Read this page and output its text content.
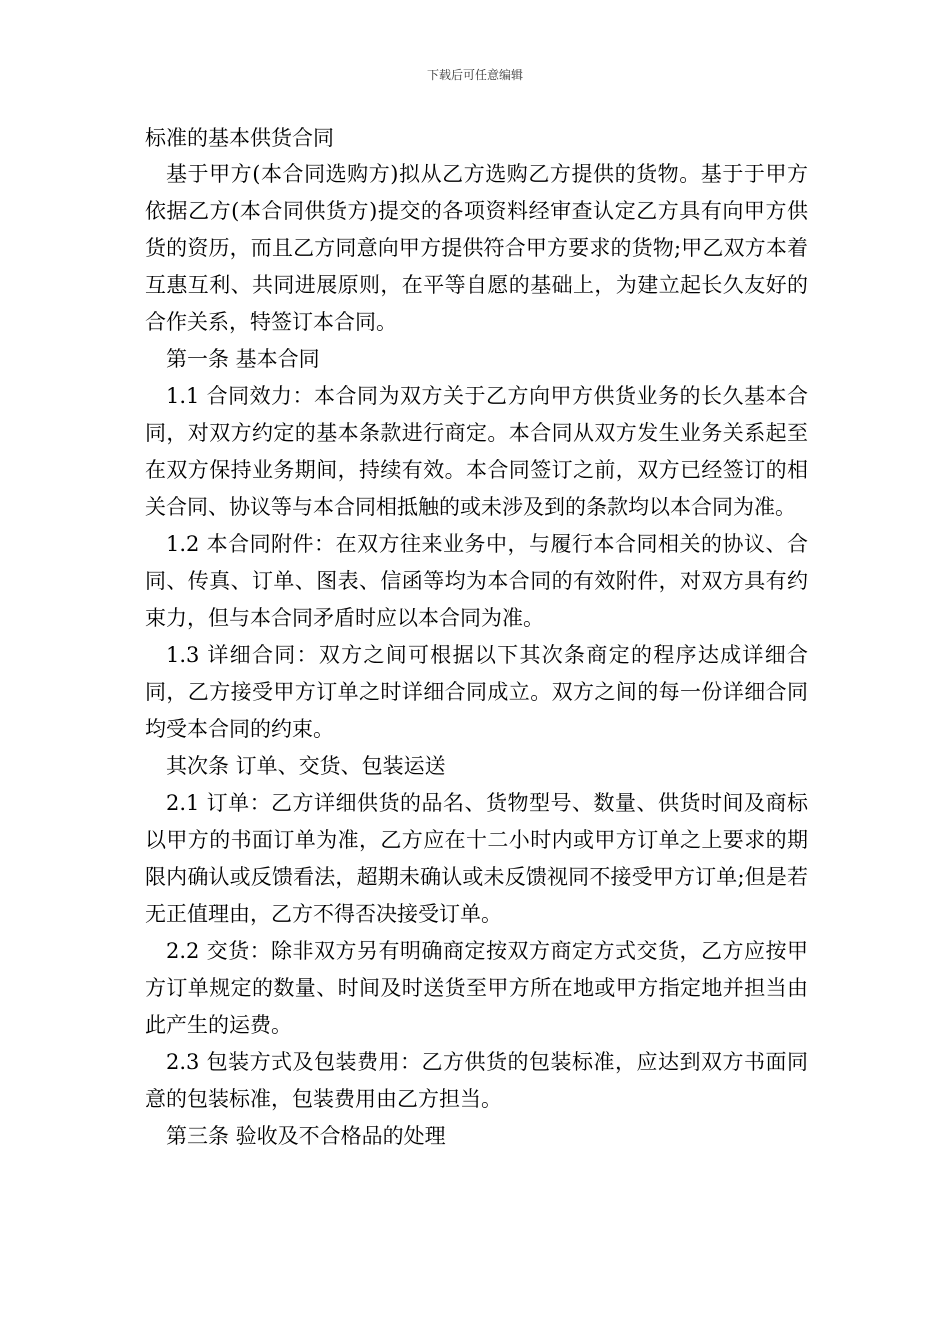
下载后可任意编辑

标准的基本供货合同

基于甲方(本合同选购方)拟从乙方选购乙方提供的货物。基于于甲方依据乙方(本合同供货方)提交的各项资料经审查认定乙方具有向甲方供货的资历，而且乙方同意向甲方提供符合甲方要求的货物;甲乙双方本着互惠互利、共同进展原则，在平等自愿的基础上，为建立起长久友好的合作关系，特签订本合同。

第一条 基本合同

1.1 合同效力：本合同为双方关于乙方向甲方供货业务的长久基本合同，对双方约定的基本条款进行商定。本合同从双方发生业务关系起至在双方保持业务期间，持续有效。本合同签订之前，双方已经签订的相关合同、协议等与本合同相抵触的或未涉及到的条款均以本合同为准。

1.2 本合同附件：在双方往来业务中，与履行本合同相关的协议、合同、传真、订单、图表、信函等均为本合同的有效附件，对双方具有约束力，但与本合同矛盾时应以本合同为准。

1.3 详细合同：双方之间可根据以下其次条商定的程序达成详细合同，乙方接受甲方订单之时详细合同成立。双方之间的每一份详细合同均受本合同的约束。

其次条 订单、交货、包装运送

2.1 订单：乙方详细供货的品名、货物型号、数量、供货时间及商标以甲方的书面订单为准，乙方应在十二小时内或甲方订单之上要求的期限内确认或反馈看法，超期未确认或未反馈视同不接受甲方订单;但是若无正值理由，乙方不得否决接受订单。

2.2 交货：除非双方另有明确商定按双方商定方式交货，乙方应按甲方订单规定的数量、时间及时送货至甲方所在地或甲方指定地并担当由此产生的运费。

2.3 包装方式及包装费用：乙方供货的包装标准，应达到双方书面同意的包装标准，包装费用由乙方担当。

第三条 验收及不合格品的处理
